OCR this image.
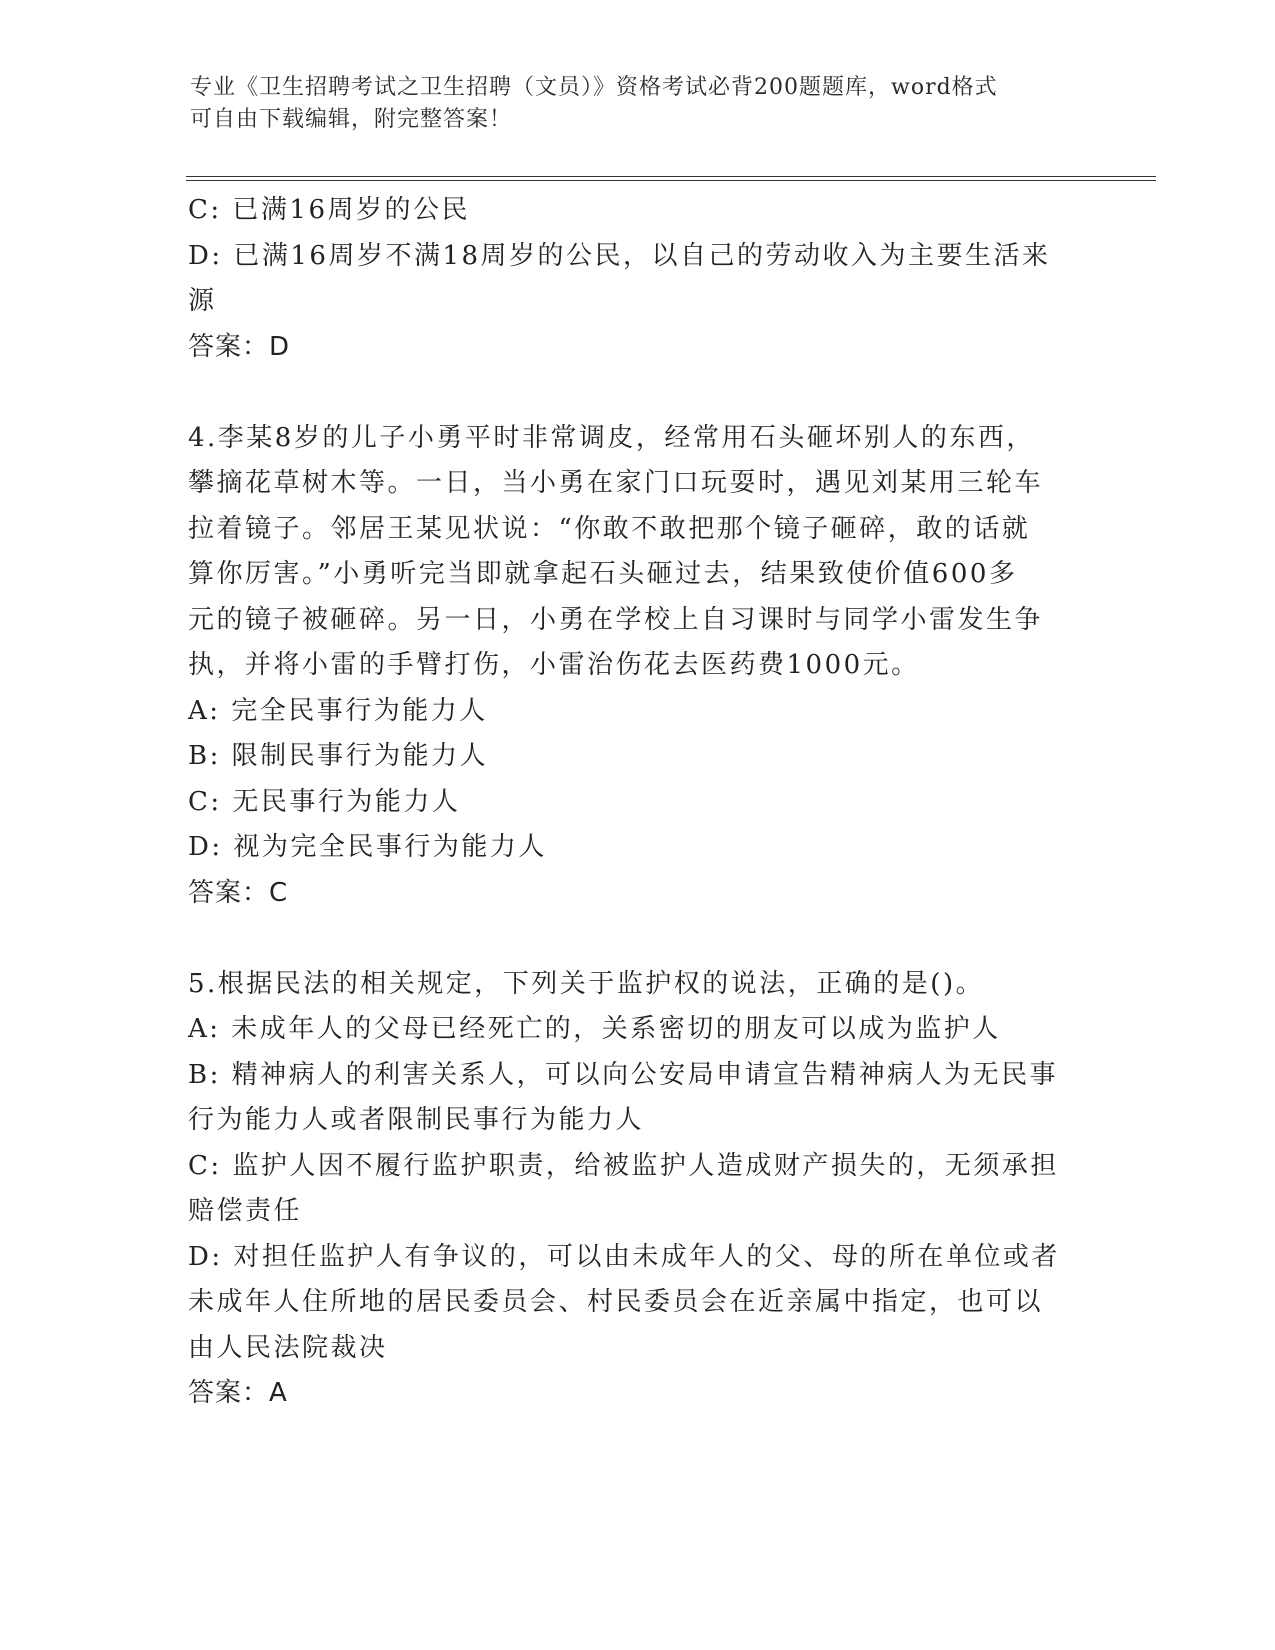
专业《卫生招聘考试之卫生招聘（文员）》资格考试必背200题题库，word格式
可自由下载编辑，附完整答案！

C: 已满16周岁的公民

D: 已满16周岁不满18周岁的公民，以自己的劳动收入为主要生活来

源

答案：D

4.李某8岁的儿子小勇平时非常调皮，经常用石头砸坏别人的东西，

攀摘花草树木等。一日，当小勇在家门口玩耍时，遇见刘某用三轮车

拉着镜子。邻居王某见状说：“你敢不敢把那个镜子砸碎，敢的话就

算你厉害。”小勇听完当即就拿起石头砸过去，结果致使价值600多

元的镜子被砸碎。另一日，小勇在学校上自习课时与同学小雷发生争

执，并将小雷的手臂打伤，小雷治伤花去医药费1000元。

A: 完全民事行为能力人

B: 限制民事行为能力人

C: 无民事行为能力人

D: 视为完全民事行为能力人

答案：C

5.根据民法的相关规定，下列关于监护权的说法，正确的是()。

A: 未成年人的父母已经死亡的，关系密切的朋友可以成为监护人

B: 精神病人的利害关系人，可以向公安局申请宣告精神病人为无民事

行为能力人或者限制民事行为能力人

C: 监护人因不履行监护职责，给被监护人造成财产损失的，无须承担

赔偿责任

D: 对担任监护人有争议的，可以由未成年人的父、母的所在单位或者

未成年人住所地的居民委员会、村民委员会在近亲属中指定，也可以

由人民法院裁决

答案：A
